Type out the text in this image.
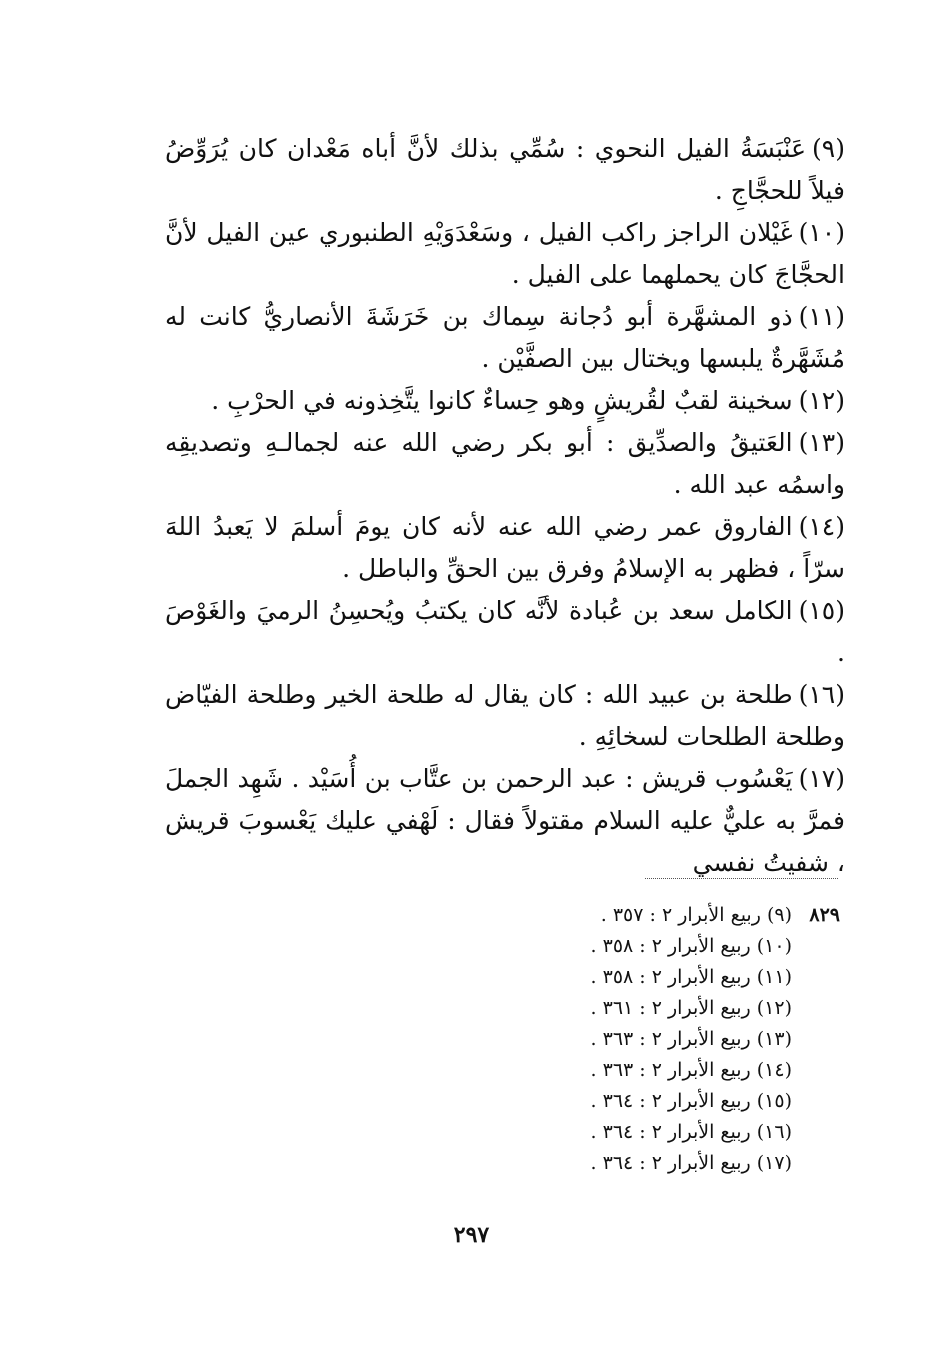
(٩)عَنْبَسَةُ الفيل النحوي : سُمِّي بذلك لأنَّ أباه مَعْدان كان يُرَوِّضُ فيلاً للحجَّاجِ .

(١٠)غَيْلان الراجز راكب الفيل ، وسَعْدَوَيْهِ الطنبوري عين الفيل لأنَّ الحجَّاجَ كان يحملهما على الفيل .

(١١)ذو المشهَّرة أبو دُجانة سِماك بن خَرَشَةَ الأنصاريُّ كانت له مُشَهَّرةٌ يلبسها ويختال بين الصفَّيْن .

(١٢)سخينة لقبٌ لقُريشٍ وهو حِساءٌ كانوا يتَّخِذونه في الحرْبِ .

(١٣)العَتيقُ والصدِّيق : أبو بكر رضي الله عنه لجمالـهِ وتصديقِه واسمُه عبد الله .

(١٤)الفاروق عمر رضي الله عنه لأنه كان يومَ أسلمَ لا يَعبدُ اللهَ سرّاً ، فظهر به الإسلامُ وفرق بين الحقِّ والباطل .

(١٥)الكامل سعد بن عُبادة لأنَّه كان يكتبُ ويُحسِنُ الرميَ والغَوْصَ .

(١٦)طلحة بن عبيد الله : كان يقال له طلحة الخير وطلحة الفيّاض وطلحة الطلحات لسخائِهِ .

(١٧)يَعْسُوب قريش : عبد الرحمن بن عتَّاب بن أُسَيْد . شَهِد الجملَ فمرَّ به عليٌّ عليه السلام مقتولاً فقال : لَهْفي عليك يَعْسوبَ قريش ، شفيتُ نفسي

٨٢٩
(٩) ربيع الأبرار ٢ : ٣٥٧ .
(١٠) ربيع الأبرار ٢ : ٣٥٨ .
(١١) ربيع الأبرار ٢ : ٣٥٨ .
(١٢) ربيع الأبرار ٢ : ٣٦١ .
(١٣) ربيع الأبرار ٢ : ٣٦٣ .
(١٤) ربيع الأبرار ٢ : ٣٦٣ .
(١٥) ربيع الأبرار ٢ : ٣٦٤ .
(١٦) ربيع الأبرار ٢ : ٣٦٤ .
(١٧) ربيع الأبرار ٢ : ٣٦٤ .
٢٩٧
